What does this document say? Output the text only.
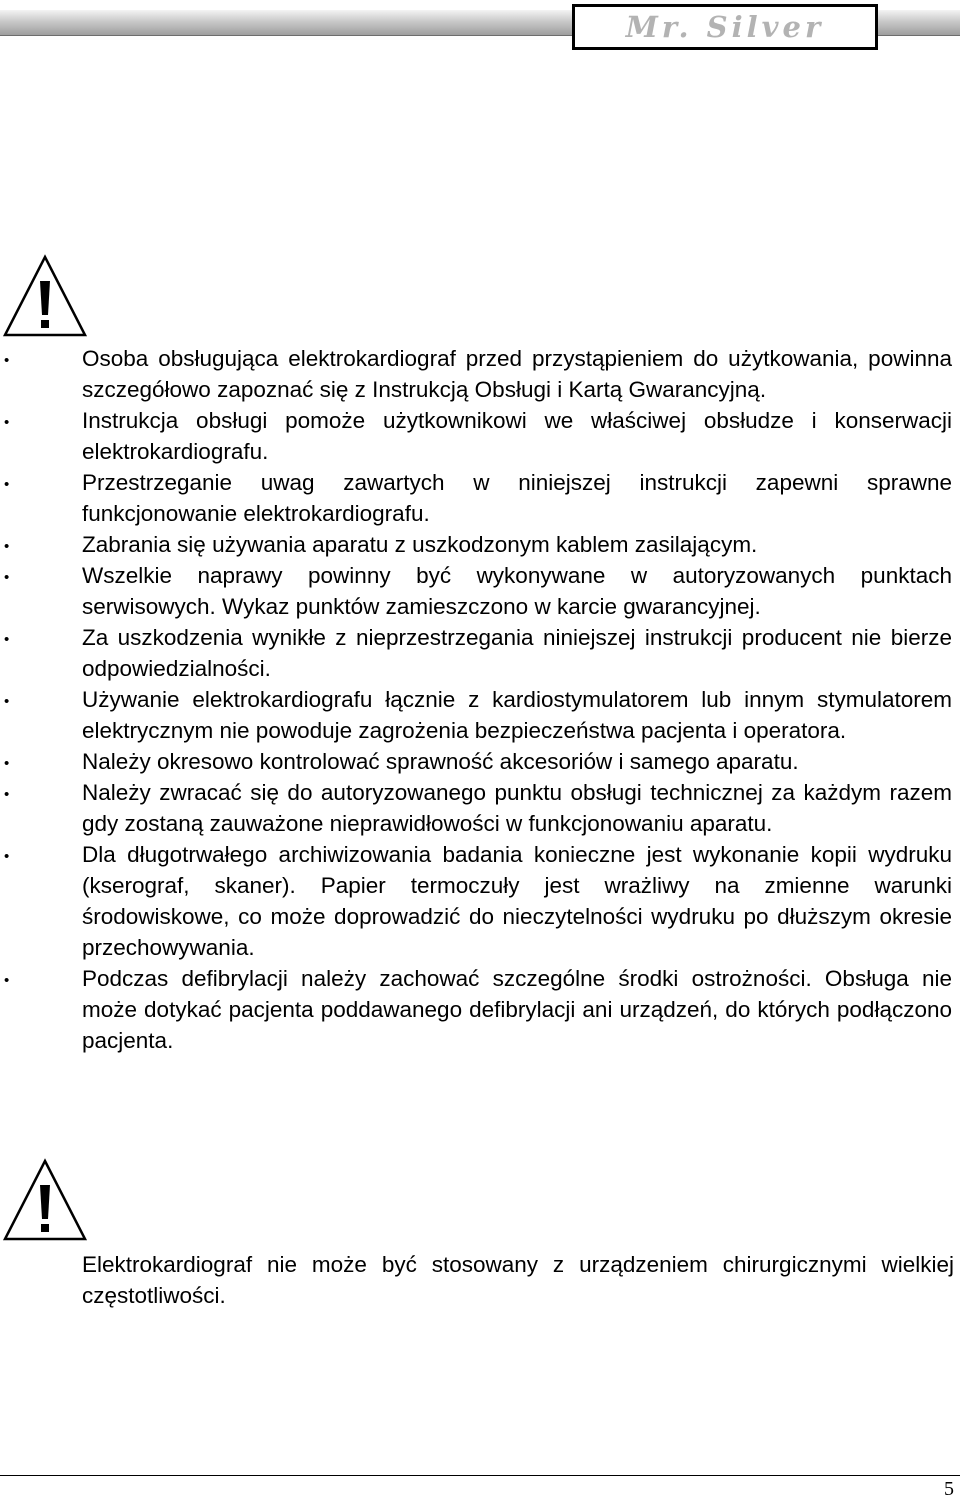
Mr. Silver
•	Osoba obsługująca elektrokardiograf przed przystąpieniem do użytkowania, powinna szczegółowo zapoznać się z Instrukcją Obsługi i Kartą Gwarancyjną.
•	Instrukcja obsługi pomoże użytkownikowi we właściwej obsłudze i konserwacji elektrokardiografu.
•	Przestrzeganie uwag zawartych w niniejszej instrukcji zapewni sprawne funkcjonowanie elektrokardiografu.
•	Zabrania się używania aparatu z uszkodzonym kablem zasilającym.
•	Wszelkie naprawy powinny być wykonywane w autoryzowanych punktach serwisowych. Wykaz punktów zamieszczono w karcie gwarancyjnej.
•	Za uszkodzenia wynikłe z nieprzestrzegania niniejszej instrukcji producent nie bierze odpowiedzialności.
•	Używanie elektrokardiografu łącznie z kardiostymulatorem lub innym stymulatorem elektrycznym nie powoduje zagrożenia bezpieczeństwa pacjenta i operatora.
•	Należy okresowo kontrolować sprawność akcesoriów i samego aparatu.
•	Należy zwracać się do autoryzowanego punktu obsługi technicznej za każdym razem gdy zostaną zauważone nieprawidłowości w funkcjonowaniu aparatu.
•	Dla długotrwałego archiwizowania badania konieczne jest wykonanie kopii wydruku (kserograf, skaner). Papier termoczuły jest wrażliwy na zmienne warunki środowiskowe, co może doprowadzić do nieczytelności wydruku po dłuższym okresie przechowywania.
•	Podczas defibrylacji należy zachować szczególne środki ostrożności. Obsługa nie może dotykać pacjenta poddawanego defibrylacji ani urządzeń, do których podłączono pacjenta.
Elektrokardiograf nie może być stosowany z urządzeniem chirurgicznymi wielkiej częstotliwości.
5
